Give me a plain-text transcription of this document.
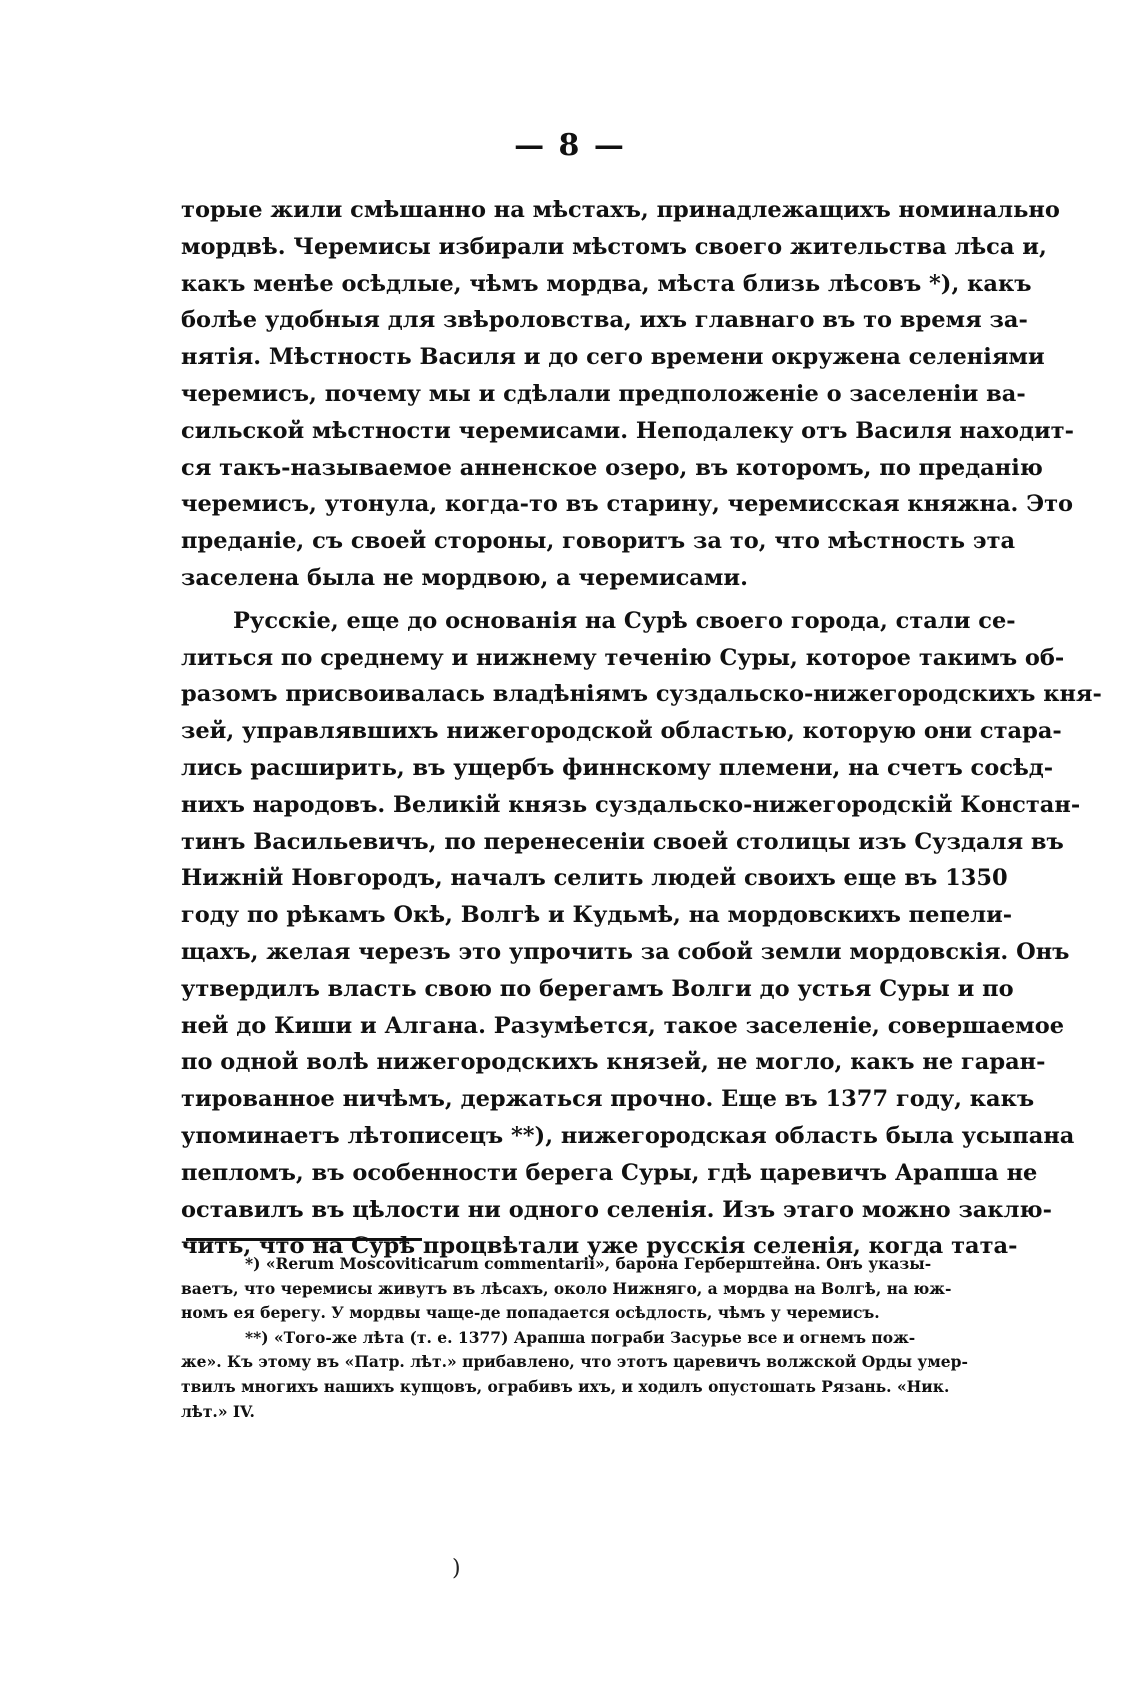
— 8 —
торые жили смѣшанно на мѣстахъ, принадлежащихъ номинально
мордвѣ. Черемисы избирали мѣстомъ своего жительства лѣса и,
какъ менѣе осѣдлые, чѣмъ мордва, мѣста близь лѣсовъ *), какъ
болѣе удобныя для звѣроловства, ихъ главнаго въ то время за-
нятія. Мѣстность Василя и до сего времени окружена селеніями
черемисъ, почему мы и сдѣлали предположеніе о заселеніи ва-
сильской мѣстности черемисами. Неподалеку отъ Василя находит-
ся такъ-называемое анненское озеро, въ которомъ, по преданію
черемисъ, утонула, когда-то въ старину, черемисская княжна. Это
преданіе, съ своей стороны, говоритъ за то, что мѣстность эта
заселена была не мордвою, а черемисами.
Русскіе, еще до основанія на Сурѣ своего города, стали се-
литься по среднему и нижнему теченію Суры, которое такимъ об-
разомъ присвоивалась владѣніямъ суздальско-нижегородскихъ кня-
зей, управлявшихъ нижегородской областью, которую они стара-
лись расширить, въ ущербъ финнскому племени, на счетъ сосѣд-
нихъ народовъ. Великій князь суздальско-нижегородскій Констан-
тинъ Васильевичъ, по перенесеніи своей столицы изъ Суздаля въ
Нижній Новгородъ, началъ селить людей своихъ еще въ 1350
году по рѣкамъ Окѣ, Волгѣ и Кудьмѣ, на мордовскихъ пепели-
щахъ, желая черезъ это упрочить за собой земли мордовскія. Онъ
утвердилъ власть свою по берегамъ Волги до устья Суры и по
ней до Киши и Алгана. Разумѣется, такое заселеніе, совершаемое
по одной волѣ нижегородскихъ князей, не могло, какъ не гаран-
тированное ничѣмъ, держаться прочно. Еще въ 1377 году, какъ
упоминаетъ лѣтописецъ **), нижегородская область была усыпана
пепломъ, въ особенности берега Суры, гдѣ царевичъ Арапша не
оставилъ въ цѣлости ни одного селенія. Изъ этаго можно заклю-
чить, что на Сурѣ процвѣтали уже русскія селенія, когда тата-
*) «Rerum Moscoviticarum commentarii», барона Герберштейна. Онъ указы-
ваетъ, что черемисы живутъ въ лѣсахъ, около Нижняго, а мордва на Волгѣ, на юж-
номъ ея берегу. У мордвы чаще-де попадается осѣдлость, чѣмъ у черемисъ.
**) «Того-же лѣта (т. е. 1377) Арапша пограби Засурье все и огнемъ пож-
же». Къ этому въ «Патр. лѣт.» прибавлено, что этотъ царевичъ волжской Орды умер-
твилъ многихъ нашихъ купцовъ, ограбивъ ихъ, и ходилъ опустошать Рязань. «Ник.
лѣт.» IV.
)
